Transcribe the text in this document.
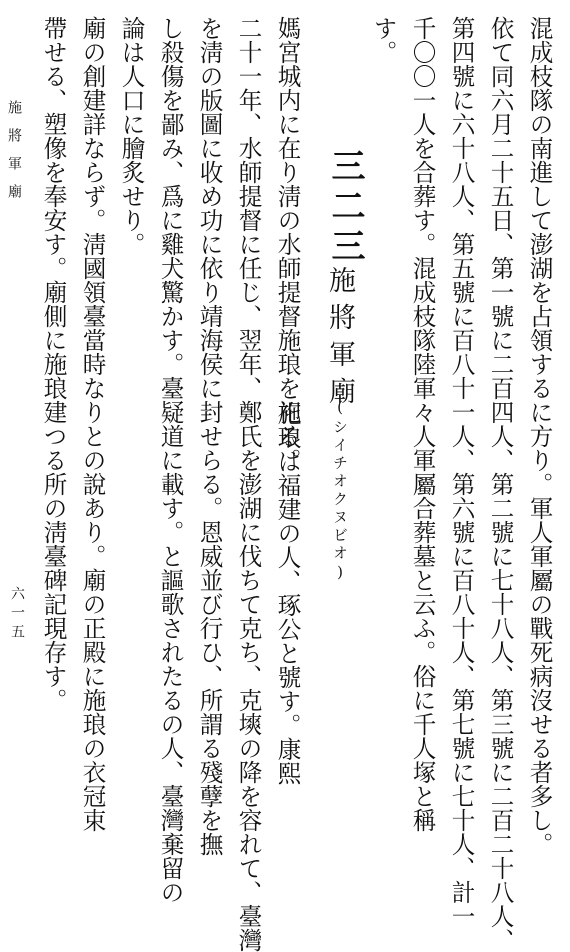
混成枝隊の南進して澎湖を占領するに方り。軍人軍屬の戰死病沒せる者多し。
依て同六月二十五日、第一號に二百四人、第二號に七十八人、第三號に二百二十八人、
第四號に六十八人、第五號に百八十一人、第六號に百八十人、第七號に七十人、計一
千〇〇一人を合葬す。混成枝隊陸軍々人軍屬合葬墓と云ふ。俗に千人塚と稱
す。
三二三
施將軍廟
(シイチオクヌビオ)
施琅は福建の人、琢公と號す。康熙
二十一年、水師提督に任じ、翌年、鄭氏を澎湖に伐ちて克ち、克塽の降を容れて、臺灣
を淸の版圖に收め功に依り靖海侯に封せらる。恩威並び行ひ、所謂る殘孽を撫
し殺傷を鄙み、爲に雞犬驚かす。臺疑道に載す。と謳歌されたるの人、臺灣棄留の
論は人口に膾炙せり。	媽宮城内に在り淸の水師提督施琅を祀る。
廟の創建詳ならず。淸國領臺當時なりとの說あり。廟の正殿に施琅の衣冠束
帶せる、塑像を奉安す。廟側に施琅建つる所の淸臺碑記現存す。
施將軍廟
六一五
